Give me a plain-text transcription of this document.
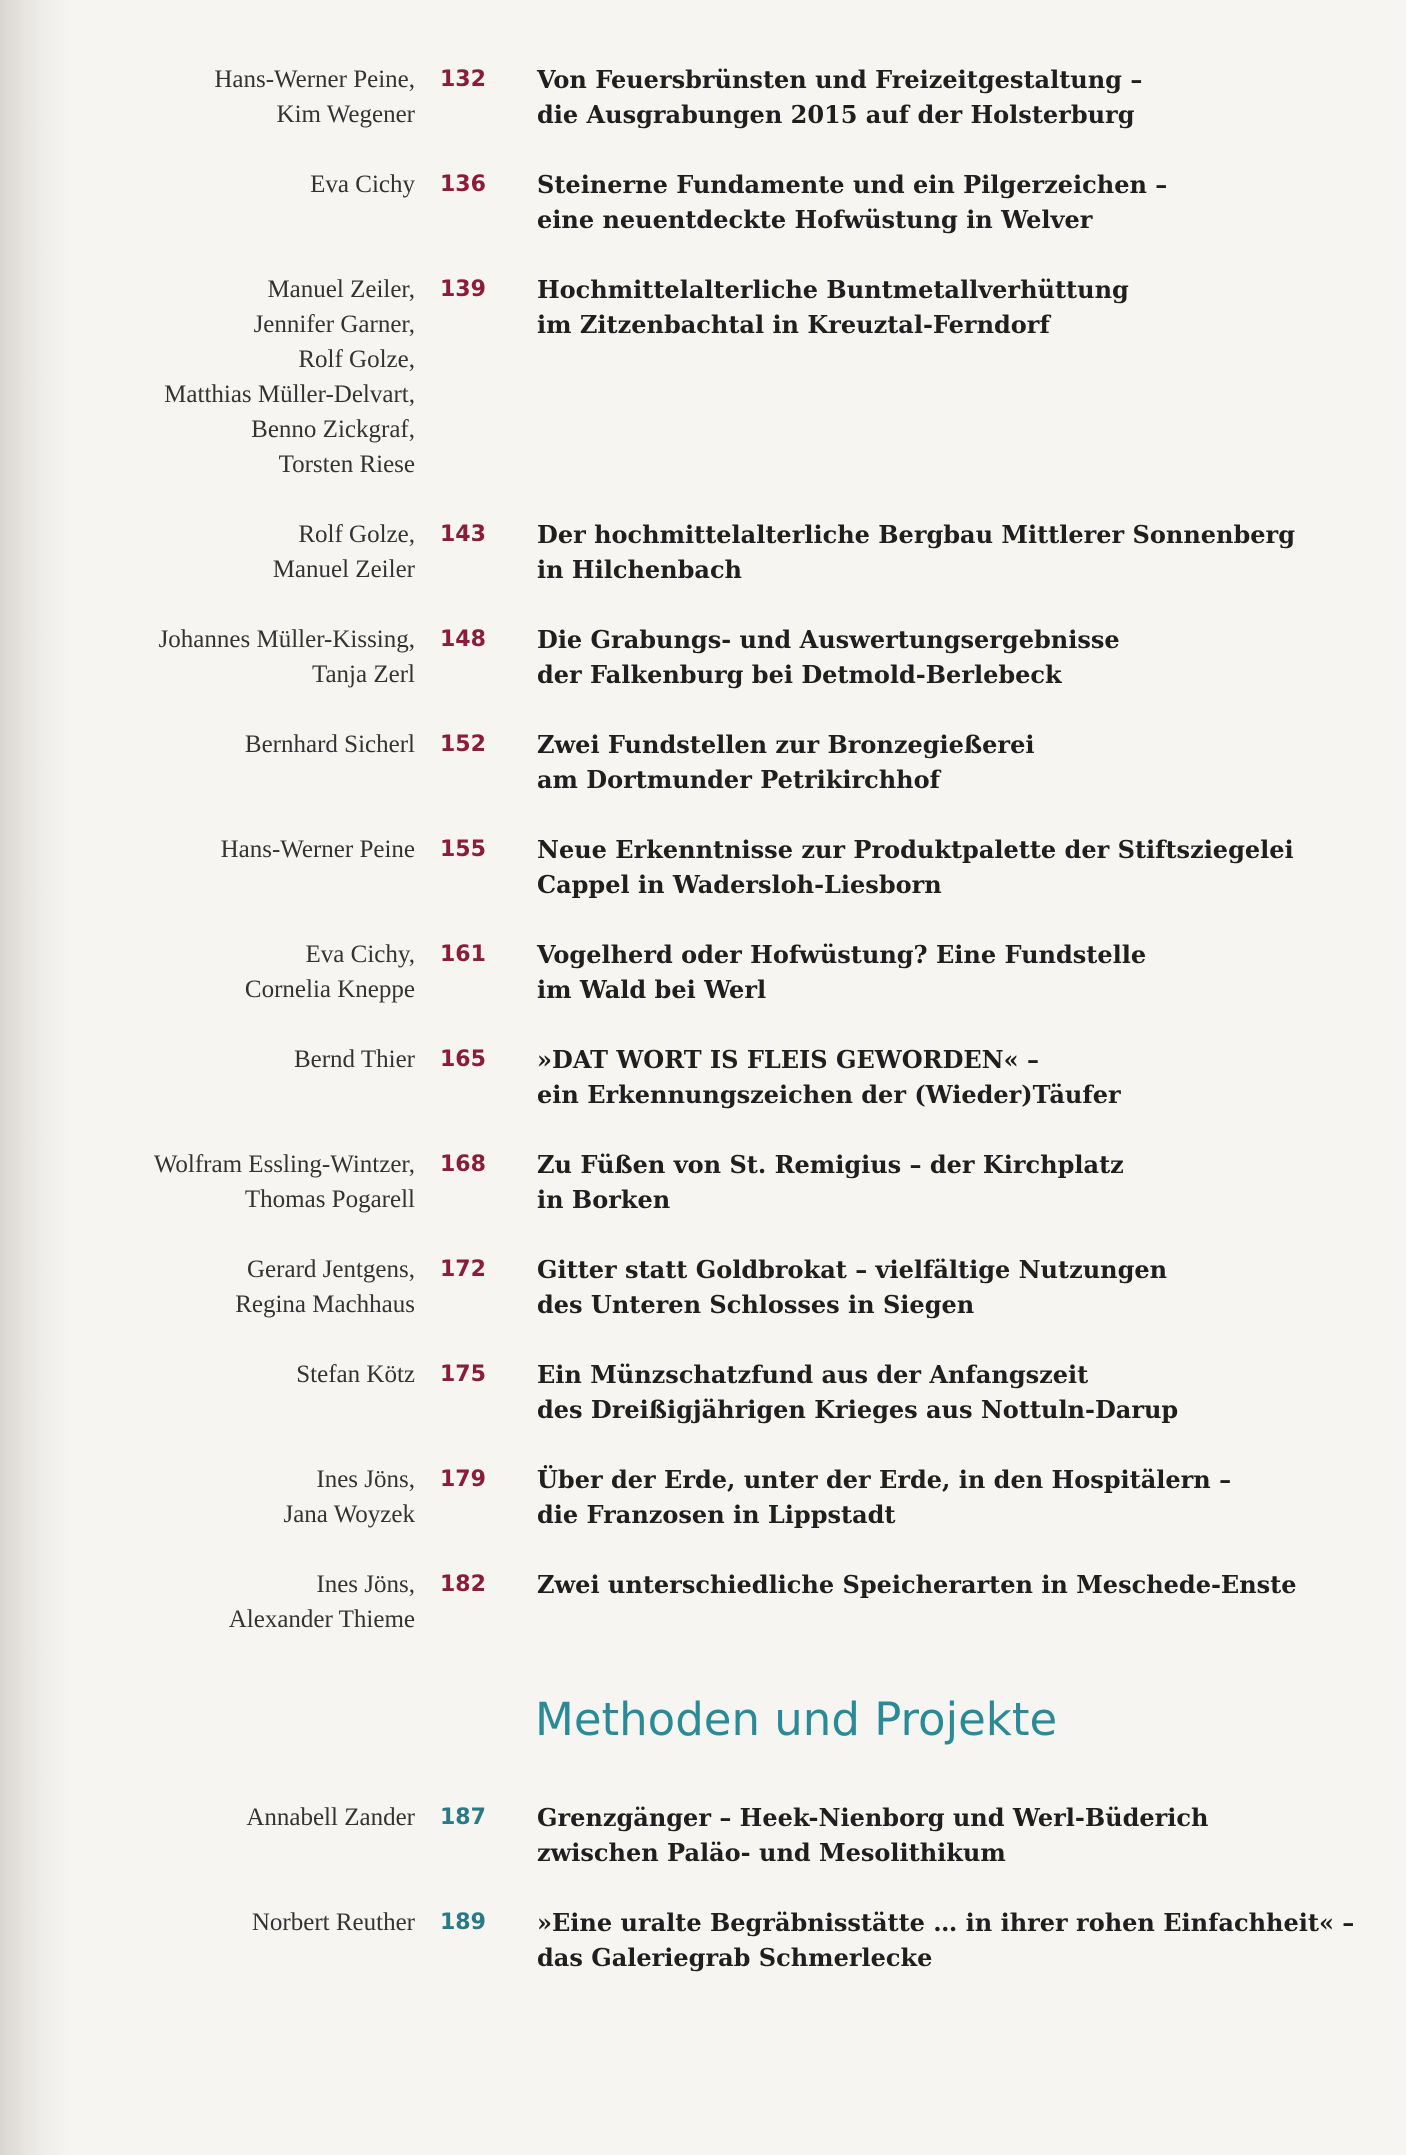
Hans-Werner Peine,
Kim Wegener
132	Von Feuersbrünsten und Freizeitgestaltung –
die Ausgrabungen 2015 auf der Holsterburg
Eva Cichy 136	Steinerne Fundamente und ein Pilgerzeichen –
eine neuentdeckte Hofwüstung in Welver
Manuel Zeiler,
Jennifer Garner,
Rolf Golze,
Matthias Müller-Delvart,
Benno Zickgraf,
Torsten Riese
139	Hochmittelalterliche Buntmetallverhüttung
im Zitzenbachtal in Kreuztal-Ferndorf
Rolf Golze,
Manuel Zeiler
143	Der hochmittelalterliche Bergbau Mittlerer Sonnenberg
in Hilchenbach
Johannes Müller-Kissing,
Tanja Zerl
148	Die Grabungs- und Auswertungsergebnisse
der Falkenburg bei Detmold-Berlebeck
Bernhard Sicherl 152	Zwei Fundstellen zur Bronzegießerei
am Dortmunder Petrikirchhof
Hans-Werner Peine 155	Neue Erkenntnisse zur Produktpalette der Stiftsziegelei
Cappel in Wadersloh-Liesborn
Eva Cichy,
Cornelia Kneppe
161	Vogelherd oder Hofwüstung? Eine Fundstelle
im Wald bei Werl
Bernd Thier 165	»DAT WORT IS FLEIS GEWORDEN« –
ein Erkennungszeichen der (Wieder)Täufer
Wolfram Essling-Wintzer,
Thomas Pogarell
168	Zu Füßen von St. Remigius – der Kirchplatz
in Borken
Gerard Jentgens,
Regina Machhaus
172	Gitter statt Goldbrokat – vielfältige Nutzungen
des Unteren Schlosses in Siegen
Stefan Kötz 175	Ein Münzschatzfund aus der Anfangszeit
des Dreißigjährigen Krieges aus Nottuln-Darup
Ines Jöns,
Jana Woyzek
179	Über der Erde, unter der Erde, in den Hospitälern –
die Franzosen in Lippstadt
Ines Jöns,
Alexander Thieme
182	Zwei unterschiedliche Speicherarten in Meschede-Enste
Methoden und Projekte
Annabell Zander 187	Grenzgänger – Heek-Nienborg und Werl-Büderich
zwischen Paläo- und Mesolithikum
Norbert Reuther 189	»Eine uralte Begräbnisstätte … in ihrer rohen Einfachheit« –
das Galeriegrab Schmerlecke
